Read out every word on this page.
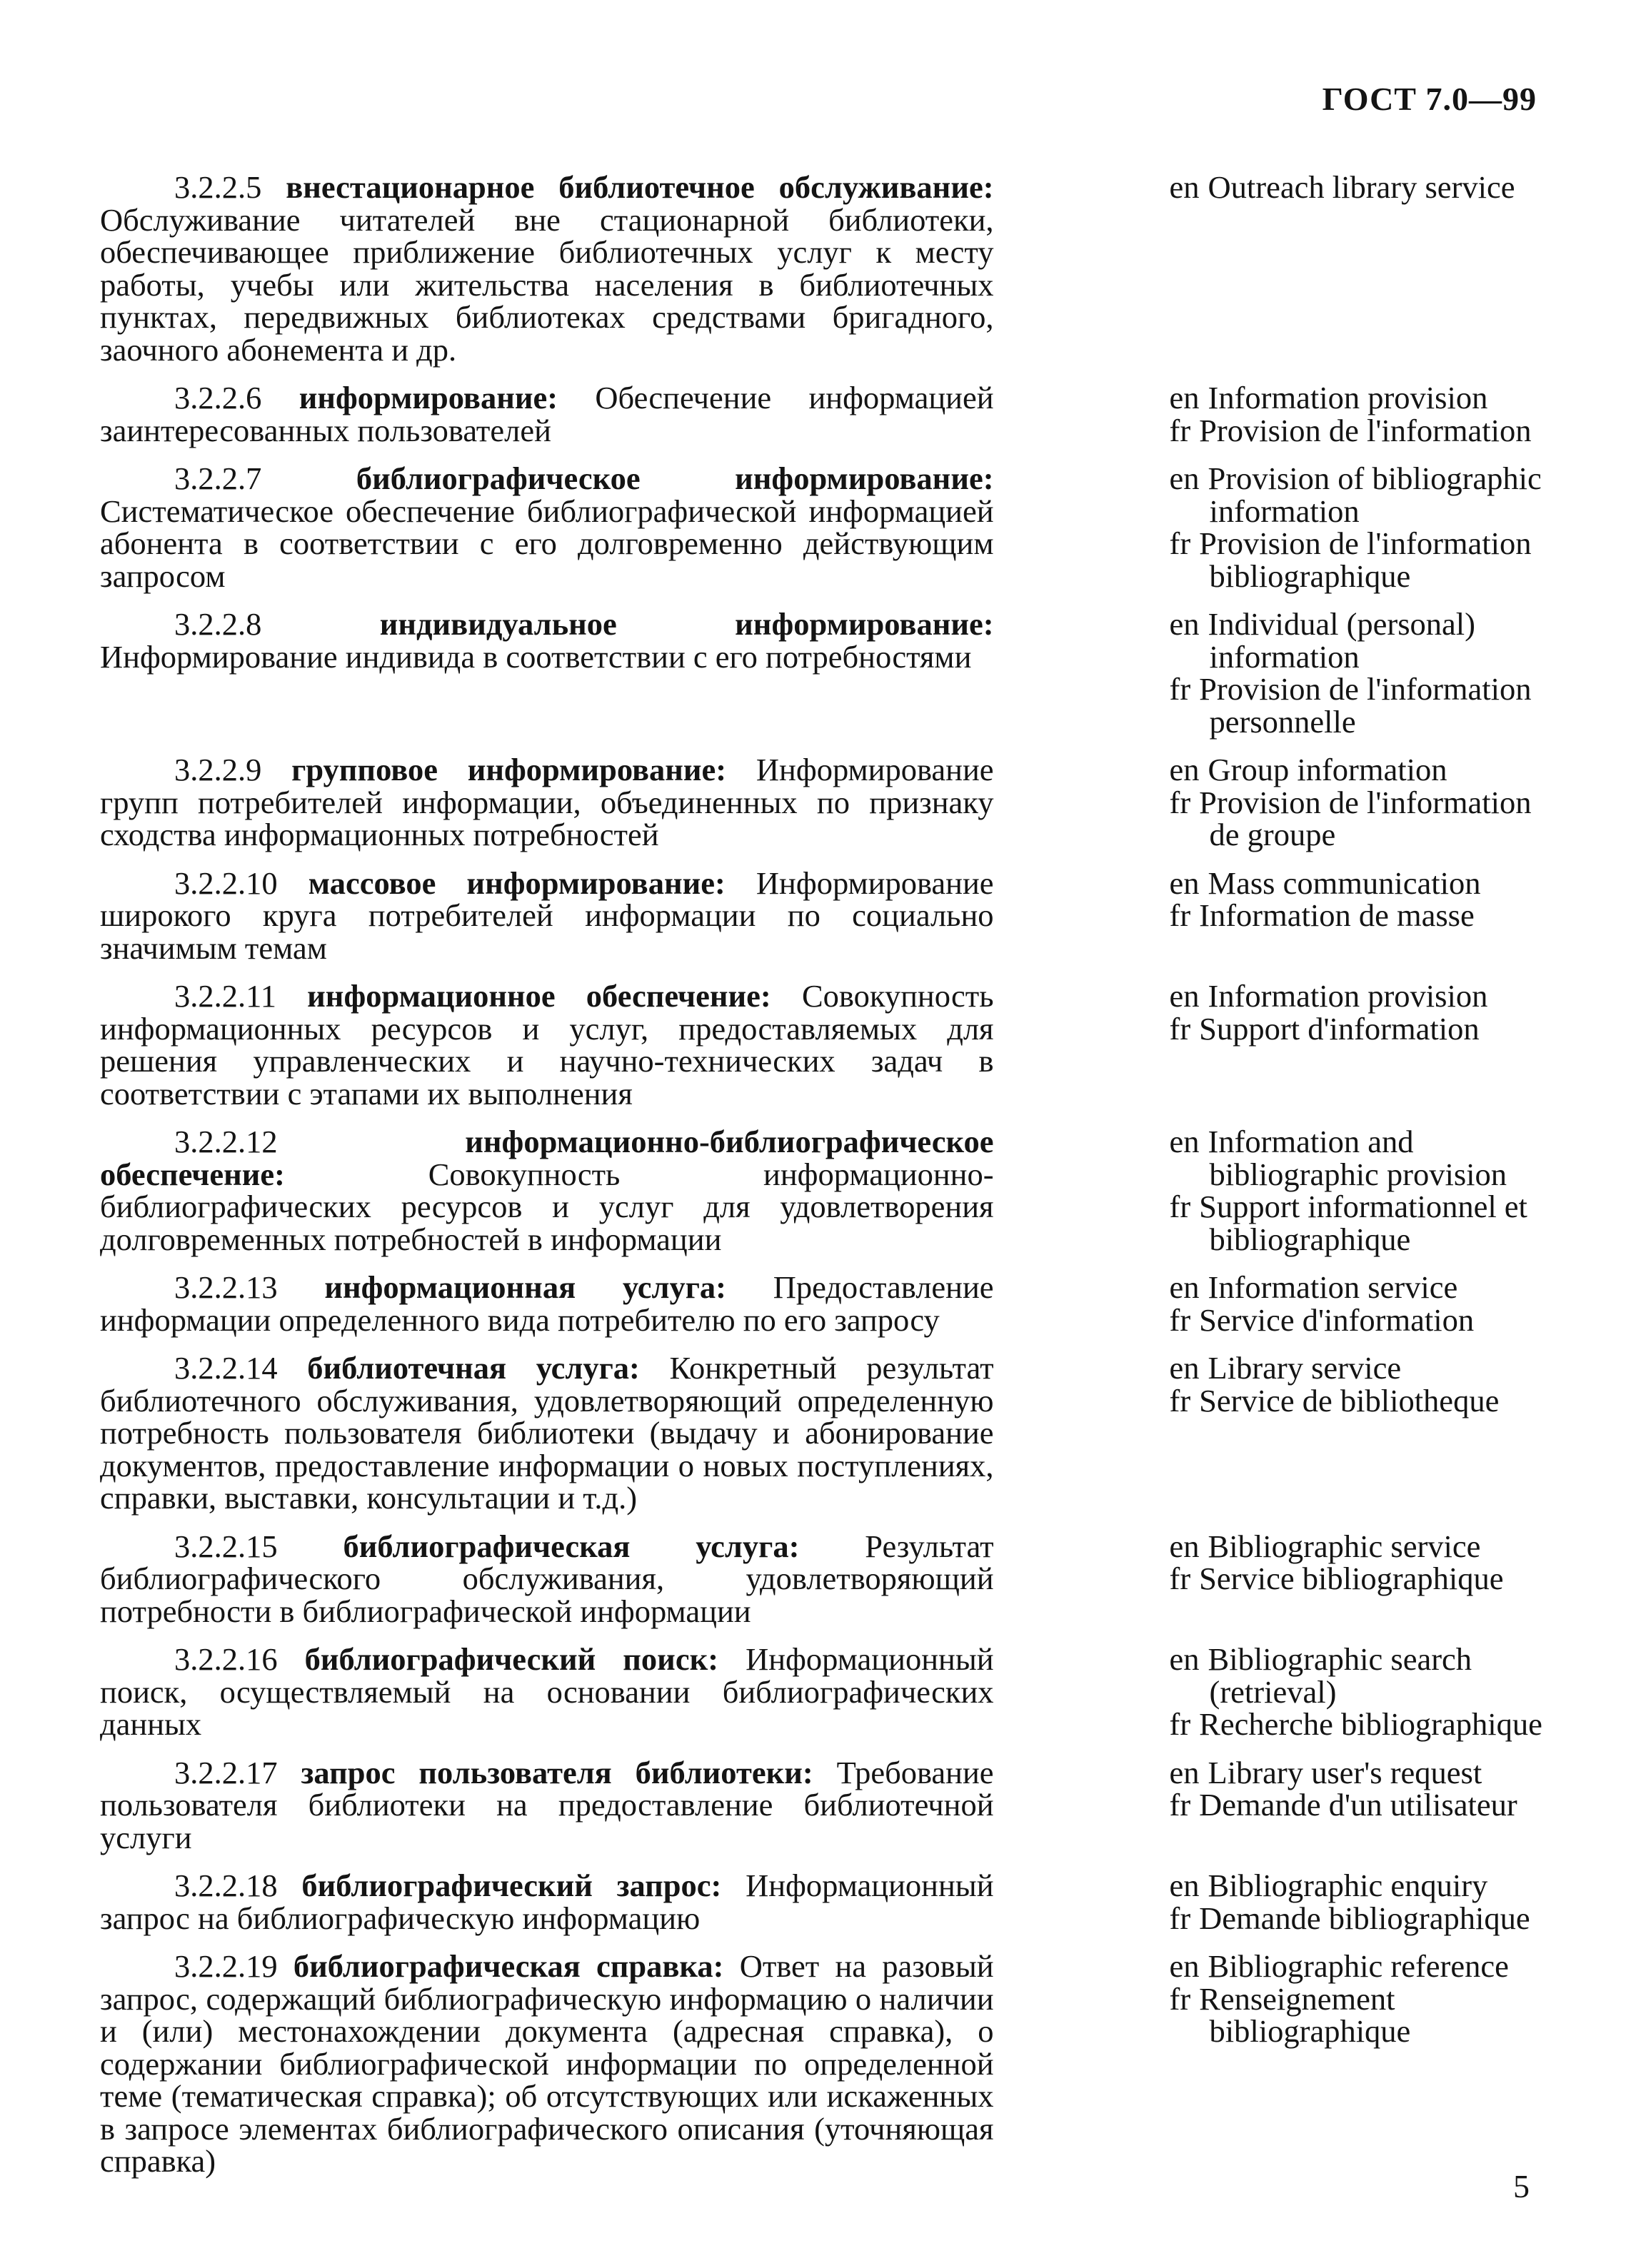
ГОСТ 7.0—99

3.2.2.5 внестационарное библиотечное обслуживание: Обслуживание читателей вне стационарной библиотеки, обеспечивающее приближение библиотечных услуг к месту работы, учебы или жительства населения в библиотечных пунктах, передвижных библиотеках средствами бригадного, заочного абонемента и др.

en Outreach library service

3.2.2.6 информирование: Обеспечение информацией заинтересованных пользователей

en Information provision
fr Provision de l'information

3.2.2.7	библиографическое информирование: Систематическое обеспечение библиографической информацией абонента в соответствии с его долговременно действующим запросом

en Provision of bibliographic information
fr Provision de l'information bibliographique

3.2.2.8	индивидуальное информирование: Информирование индивида в соответствии с его потребностями

en Individual (personal) information
fr Provision de l'information personnelle

3.2.2.9 групповое информирование: Информирование групп потребителей информации, объединенных по признаку сходства информационных потребностей

en Group information
fr Provision de l'information de groupe

3.2.2.10 массовое информирование: Информирование широкого круга потребителей информации по социально значимым темам

en Mass communication
fr Information de masse

3.2.2.11 информационное обеспечение: Совокупность информационных ресурсов и услуг, предоставляемых для решения управленческих и научно-технических задач в соответствии с этапами их выполнения

en Information provision
fr Support d'information

3.2.2.12	информационно-библиографическое обеспечение:	Совокупность информационно-библиографических ресурсов и услуг для удовлетворения долговременных потребностей в информации

en Information and bibliographic provision
fr Support informationnel et bibliographique

3.2.2.13 информационная услуга: Предоставление информации определенного вида потребителю по его запросу

en Information service
fr Service d'information

3.2.2.14 библиотечная услуга: Конкретный результат библиотечного обслуживания, удовлетворяющий определенную потребность пользователя библиотеки (выдачу и абонирование документов, предоставление информации о новых поступлениях, справки, выставки, консультации и т.д.)

en Library service
fr Service de bibliotheque

3.2.2.15 библиографическая услуга: Результат библиографического обслуживания, удовлетворяющий потребности в библиографической информации

en Bibliographic service
fr Service bibliographique

3.2.2.16 библиографический поиск: Информационный поиск, осуществляемый на основании библиографических данных

en Bibliographic search (retrieval)
fr Recherche bibliographique

3.2.2.17 запрос пользователя библиотеки: Требование пользователя библиотеки на предоставление библиотечной услуги

en Library user's request
fr Demande d'un utilisateur

3.2.2.18 библиографический запрос: Информационный запрос на библиографическую информацию

en Bibliographic enquiry
fr Demande bibliographique

3.2.2.19 библиографическая справка: Ответ на разовый запрос, содержащий библиографическую информацию о наличии и (или) местонахождении документа (адресная справка), о содержании библиографической информации по определенной теме (тематическая справка); об отсутствующих или искаженных в запросе элементах библиографического описания (уточняющая справка)

en Bibliographic reference
fr Renseignement bibliographique
5
